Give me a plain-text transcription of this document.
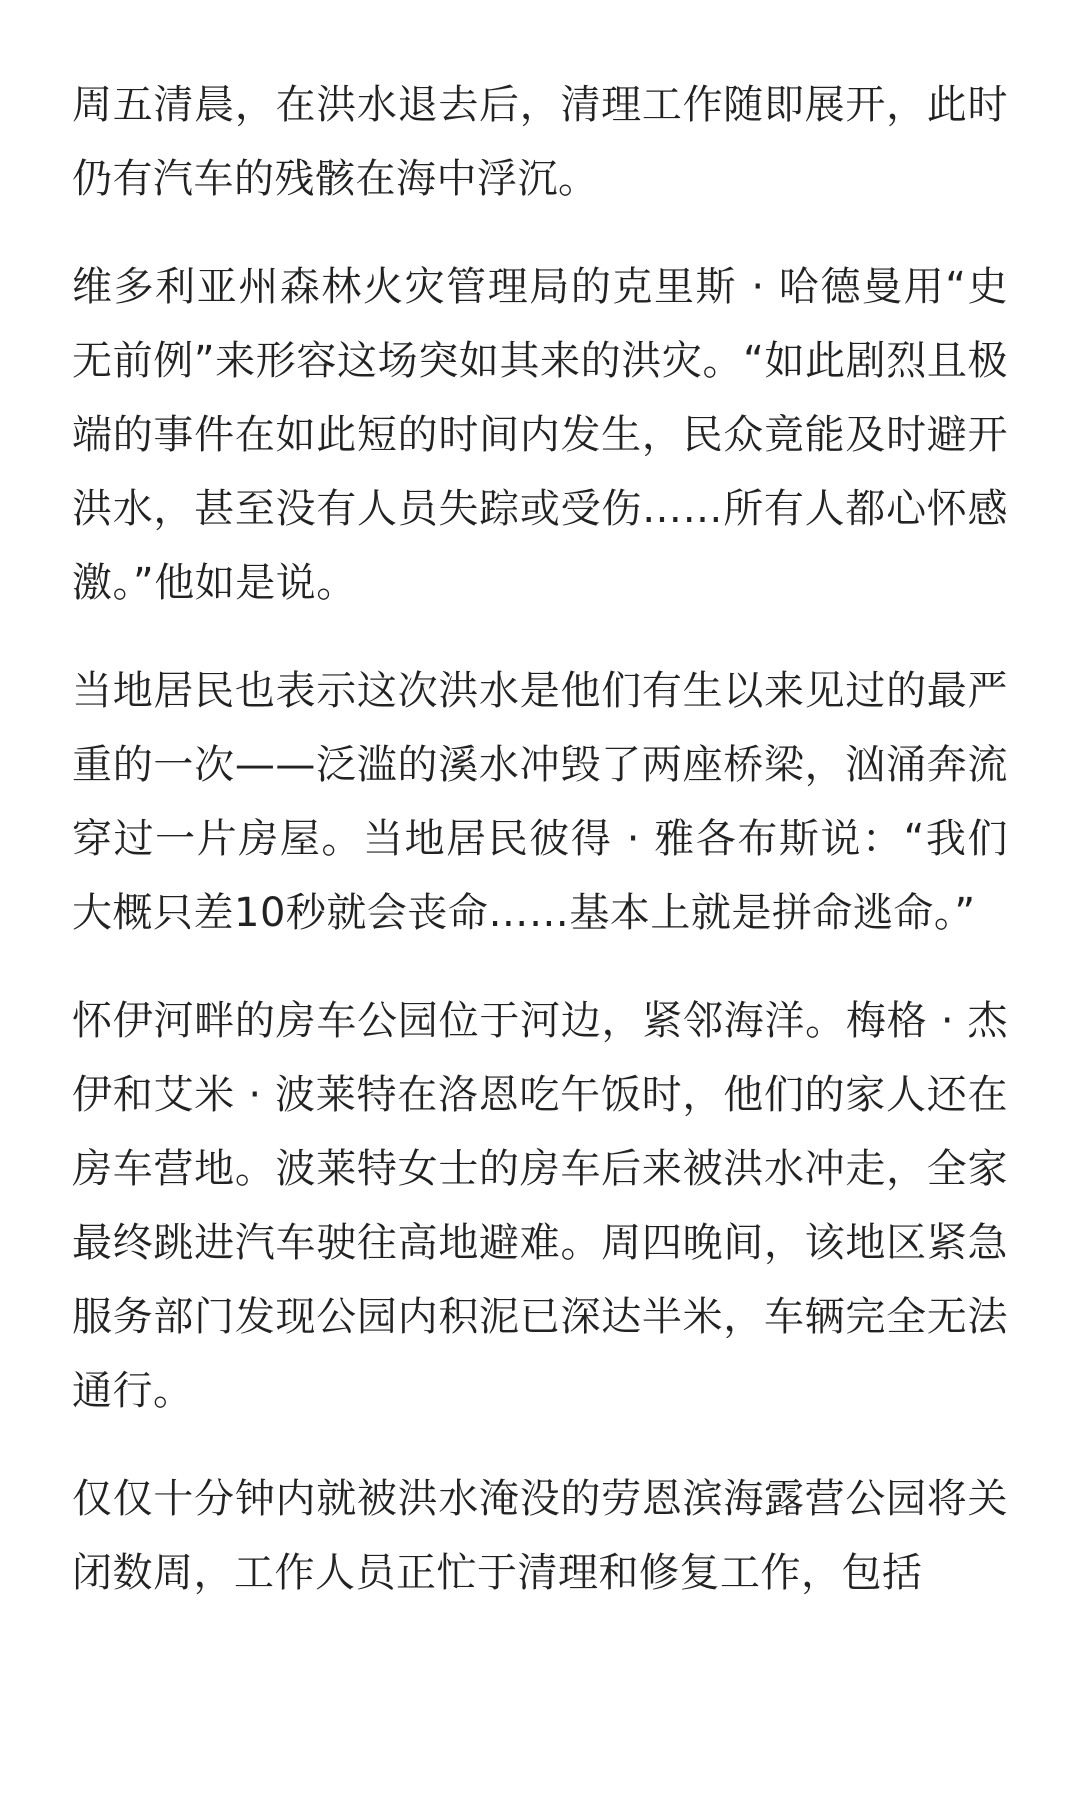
周五清晨，在洪水退去后，清理工作随即展开，此时仍有汽车的残骸在海中浮沉。

维多利亚州森林火灾管理局的克里斯 · 哈德曼用“史无前例”来形容这场突如其来的洪灾。“如此剧烈且极端的事件在如此短的时间内发生，民众竟能及时避开洪水，甚至没有人员失踪或受伤……所有人都心怀感激。”他如是说。

当地居民也表示这次洪水是他们有生以来见过的最严重的一次——泛滥的溪水冲毁了两座桥梁，汹涌奔流穿过一片房屋。当地居民彼得 · 雅各布斯说：“我们大概只差10秒就会丧命……基本上就是拼命逃命。”

怀伊河畔的房车公园位于河边，紧邻海洋。梅格 · 杰伊和艾米 · 波莱特在洛恩吃午饭时，他们的家人还在房车营地。波莱特女士的房车后来被洪水冲走，全家最终跳进汽车驶往高地避难。周四晚间，该地区紧急服务部门发现公园内积泥已深达半米，车辆完全无法通行。

仅仅十分钟内就被洪水淹没的劳恩滨海露营公园将关闭数周，工作人员正忙于清理和修复工作，包括
